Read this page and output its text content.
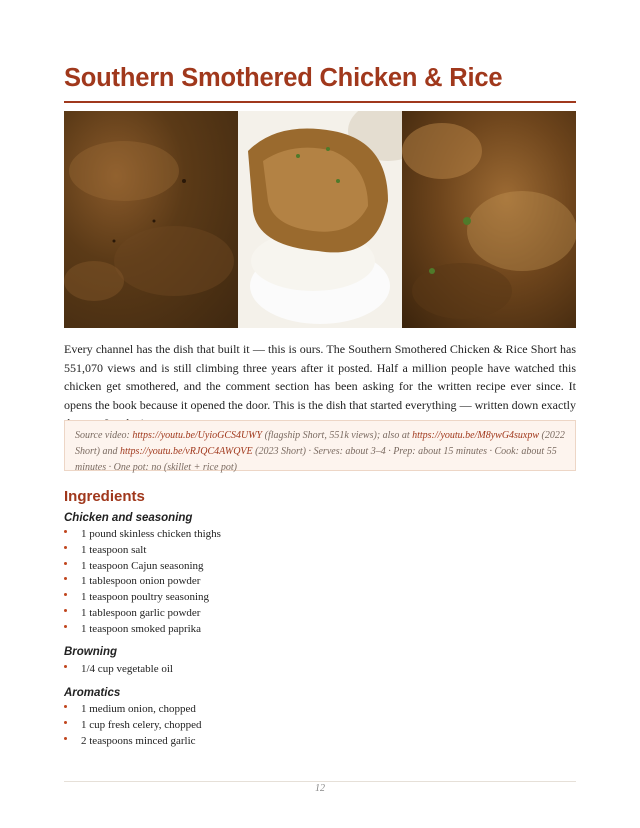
Southern Smothered Chicken & Rice

Every channel has the dish that built it — this is ours. The Southern Smothered Chicken & Rice Short has 551,070 views and is still climbing three years after it posted. Half a million people have watched this chicken get smothered, and the comment section has been asking for the written recipe ever since. It opens the book because it opened the door. This is the dish that started everything — written down exactly

Source video: https://youtu.be/UyioGCS4UWY (flagship Short, 551k views); also at https://youtu.be/M8ywG4suxpw (2022 Short) and https://youtu.be/vRJQC4AWQVE (2023 Short) · Serves: about 3–4 · Prep: about 15 minutes · Cook: about 55 minutes · One pot: no (skillet + rice pot)
Ingredients
Chicken and seasoning
1 pound skinless chicken thighs
1 teaspoon salt
1 teaspoon Cajun seasoning
1 tablespoon onion powder
1 teaspoon poultry seasoning
1 tablespoon garlic powder
1 teaspoon smoked paprika
Browning
1/4 cup vegetable oil
Aromatics
1 medium onion, chopped
1 cup fresh celery, chopped
2 teaspoons minced garlic
12
